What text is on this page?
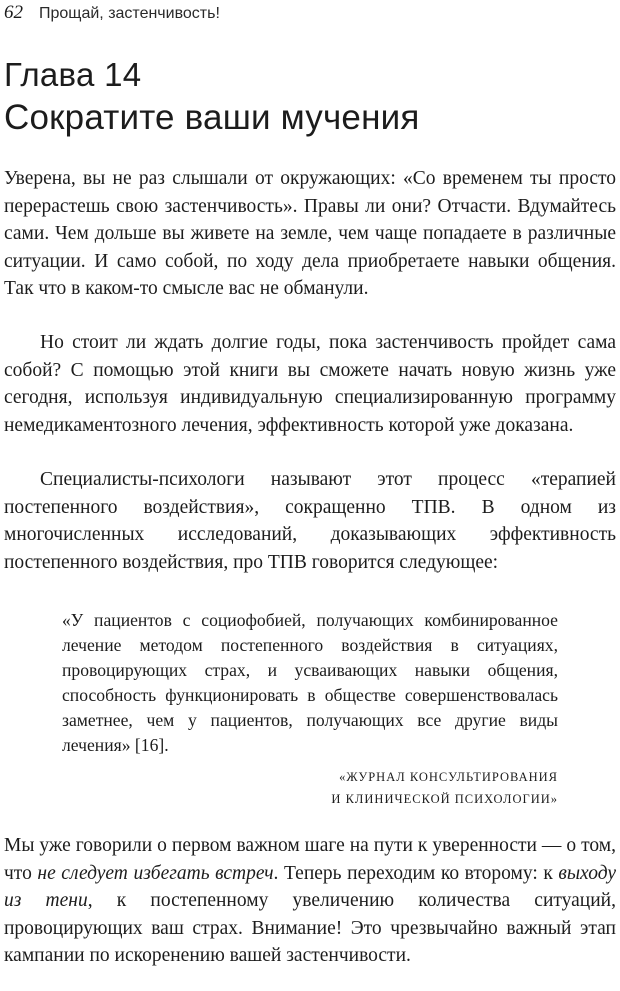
62 Прощай, застенчивость!
Глава 14
Сократите ваши мучения

Уверена, вы не раз слышали от окружающих: «Со временем ты просто перерастешь свою застенчивость». Правы ли они? Отчасти. Вдумайтесь сами. Чем дольше вы живете на земле, чем чаще попадаете в различные ситуации. И само собой, по ходу дела приобретаете навыки общения. Так что в каком-то смысле вас не обманули.

Но стоит ли ждать долгие годы, пока застенчивость пройдет сама собой? С помощью этой книги вы сможете начать новую жизнь уже сегодня, используя индивидуальную специализированную программу немедикаментозного лечения, эффективность которой уже доказана.

Специалисты-психологи называют этот процесс «терапией постепенного воздействия», сокращенно ТПВ. В одном из многочисленных исследований, доказывающих эффективность постепенного воздействия, про ТПВ говорится следующее:

«У пациентов с социофобией, получающих комбинированное лечение методом постепенного воздействия в ситуациях, провоцирующих страх, и усваивающих навыки общения, способность функционировать в обществе совершенствовалась заметнее, чем у пациентов, получающих все другие виды лечения» [16].

«ЖУРНАЛ КОНСУЛЬТИРОВАНИЯ
И КЛИНИЧЕСКОЙ ПСИХОЛОГИИ»

Мы уже говорили о первом важном шаге на пути к уверенности — о том, что не следует избегать встреч. Теперь переходим ко второму: к выходу из тени, к постепенному увеличению количества ситуаций, провоцирующих ваш страх. Внимание! Это чрезвычайно важный этап кампании по искоренению вашей застенчивости.
